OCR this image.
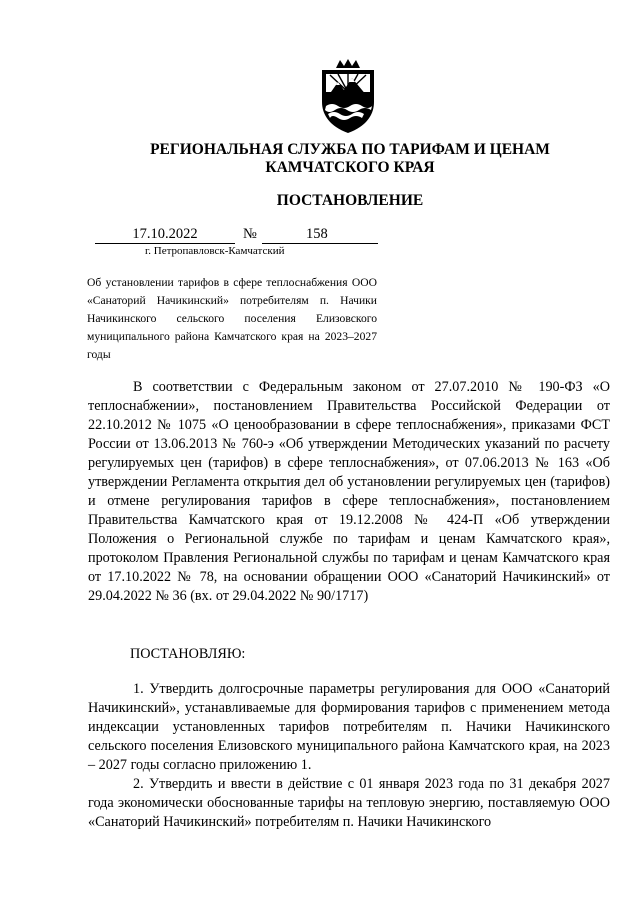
РЕГИОНАЛЬНАЯ СЛУЖБА ПО ТАРИФАМ И ЦЕНАМ
КАМЧАТСКОГО КРАЯ
ПОСТАНОВЛЕНИЕ
17.10.2022	№	158
г. Петропавловск-Камчатский
Об установлении тарифов в сфере теплоснабжения ООО «Санаторий Начикинский» потребителям п. Начики Начикинского сельского поселения Елизовского муниципального района Камчатского края на 2023–2027 годы
В соответствии с Федеральным законом от 27.07.2010 № 190-ФЗ «О теплоснабжении», постановлением Правительства Российской Федерации от 22.10.2012 № 1075 «О ценообразовании в сфере теплоснабжения», приказами ФСТ России от 13.06.2013 № 760-э «Об утверждении Методических указаний по расчету регулируемых цен (тарифов) в сфере теплоснабжения», от 07.06.2013 № 163 «Об утверждении Регламента открытия дел об установлении регулируемых цен (тарифов) и отмене регулирования тарифов в сфере теплоснабжения», постановлением Правительства Камчатского края от 19.12.2008 № 424-П «Об утверждении Положения о Региональной службе по тарифам и ценам Камчатского края», протоколом Правления Региональной службы по тарифам и ценам Камчатского края от 17.10.2022 № 78, на основании обращении ООО «Санаторий Начикинский» от 29.04.2022 № 36 (вх. от 29.04.2022 № 90/1717)
ПОСТАНОВЛЯЮ:
1. Утвердить долгосрочные параметры регулирования для ООО «Санаторий Начикинский», устанавливаемые для формирования тарифов с применением метода индексации установленных тарифов потребителям п. Начики Начикинского сельского поселения Елизовского муниципального района Камчатского края, на 2023 – 2027 годы согласно приложению 1.
2. Утвердить и ввести в действие с 01 января 2023 года по 31 декабря 2027 года экономически обоснованные тарифы на тепловую энергию, поставляемую ООО «Санаторий Начикинский» потребителям п. Начики Начикинского
